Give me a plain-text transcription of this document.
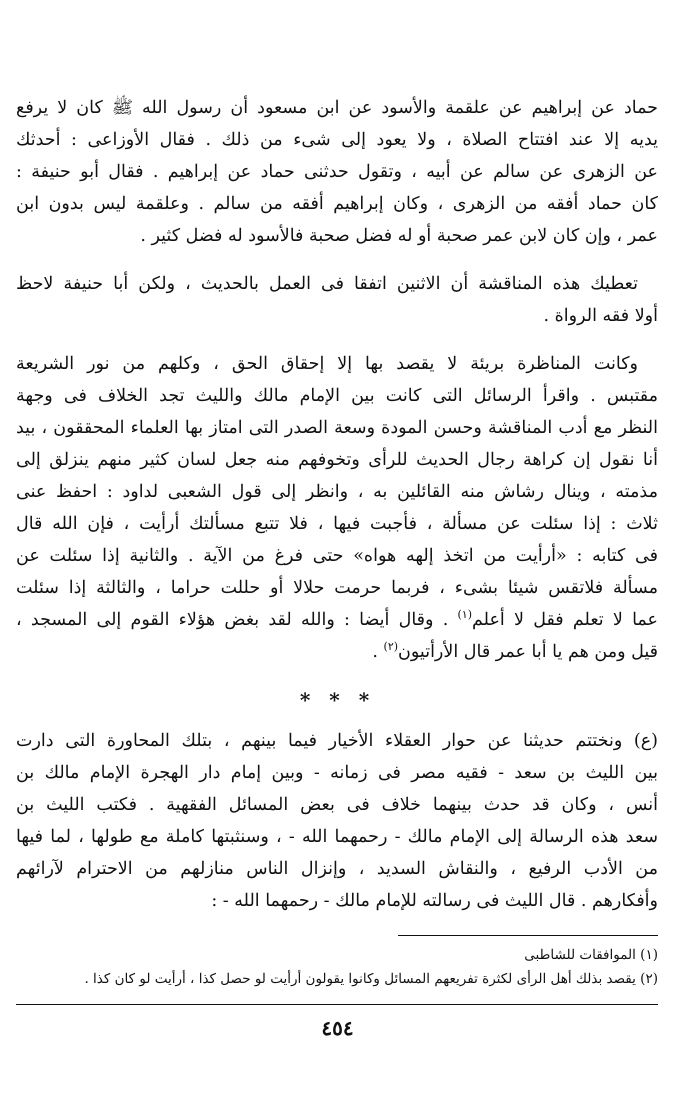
حماد عن إبراهيم عن علقمة والأسود عن ابن مسعود أن رسول الله ﷺ كان لا يرفع
يديه إلا عند افتتاح الصلاة ، ولا يعود إلى شىء من ذلك . فقال الأوزاعى : أحدثك
عن الزهرى عن سالم عن أبيه ، وتقول حدثنى حماد عن إبراهيم . فقال أبو حنيفة :
كان حماد أفقه من الزهرى ، وكان إبراهيم أفقه من سالم . وعلقمة ليس بدون ابن
عمر ، وإن كان لابن عمر صحبة أو له فضل صحبة فالأسود له فضل كثير .
تعطيك هذه المناقشة أن الاثنين اتفقا فى العمل بالحديث ، ولكن أبا حنيفة لاحظ
أولا فقه الرواة .
وكانت المناظرة بريئة لا يقصد بها إلا إحقاق الحق ، وكلهم من نور الشريعة
مقتبس . واقرأ الرسائل التى كانت بين الإمام مالك والليث تجد الخلاف فى وجهة
النظر مع أدب المناقشة وحسن المودة وسعة الصدر التى امتاز بها العلماء المحققون ، بيد
أنا نقول إن كراهة رجال الحديث للرأى وتخوفهم منه جعل لسان كثير منهم ينزلق إلى
مذمته ، وينال رشاش منه القائلين به ، وانظر إلى قول الشعبى لداود : احفظ عنى
ثلاث : إذا سئلت عن مسألة ، فأجبت فيها ، فلا تتبع مسألتك أرأيت ، فإن الله قال
فى كتابه : «أرأيت من اتخذ إلهه هواه» حتى فرغ من الآية . والثانية إذا سئلت عن
مسألة فلاتقس شيئا بشىء ، فربما حرمت حلالا أو حللت حراما ، والثالثة إذا سئلت
عما لا تعلم فقل لا أعلم$^{(١)}$ . وقال أيضا : والله لقد بغض هؤلاء القوم إلى المسجد ،
قيل ومن هم يا أبا عمر قال الأرأتيون$^{(٢)}$ .
* * *
(ع) ونختتم حديثنا عن حوار العقلاء الأخيار فيما بينهم ، بتلك المحاورة التى دارت
بين الليث بن سعد - فقيه مصر فى زمانه - وبين إمام دار الهجرة الإمام مالك بن
أنس ، وكان قد حدث بينهما خلاف فى بعض المسائل الفقهية . فكتب الليث بن
سعد هذه الرسالة إلى الإمام مالك - رحمهما الله - ، وسنثبتها كاملة مع طولها ، لما فيها
من الأدب الرفيع ، والنقاش السديد ، وإنزال الناس منازلهم من الاحترام لآرائهم
وأفكارهم . قال الليث فى رسالته للإمام مالك - رحمهما الله - :
(١) الموافقات للشاطبى
(٢) يقصد بذلك أهل الرأى لكثرة تفريعهم المسائل وكانوا يقولون أرأيت لو حصل كذا ، أرأيت لو كان كذا .
٤٥٤
